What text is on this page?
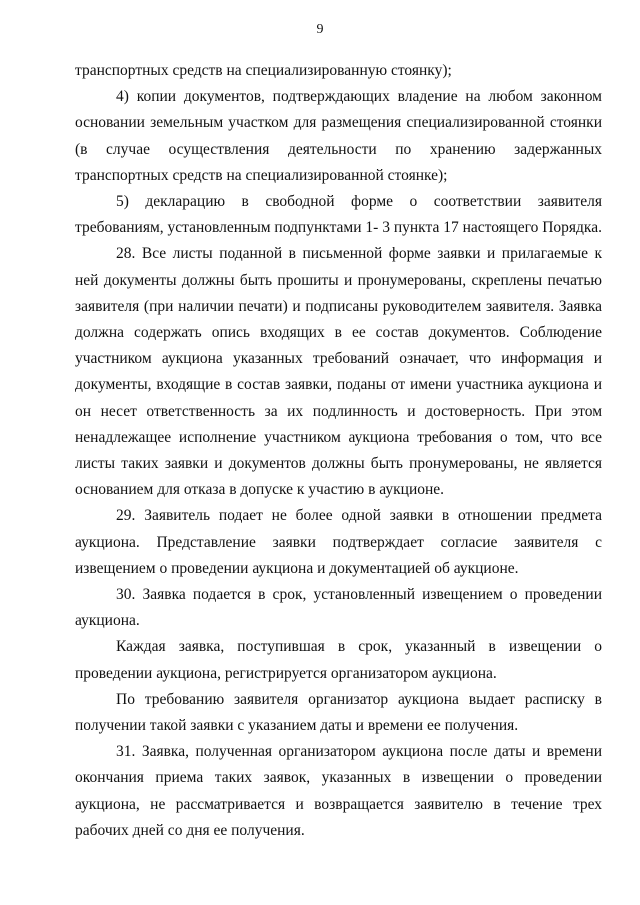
9

транспортных средств на специализированную стоянку);

4) копии документов, подтверждающих владение на любом законном основании земельным участком для размещения специализированной стоянки (в случае осуществления деятельности по хранению задержанных транспортных средств на специализированной стоянке);

5) декларацию в свободной форме о соответствии заявителя требованиям, установленным подпунктами 1- 3 пункта 17 настоящего Порядка.

28. Все листы поданной в письменной форме заявки и прилагаемые к ней документы должны быть прошиты и пронумерованы, скреплены печатью заявителя (при наличии печати) и подписаны руководителем заявителя. Заявка должна содержать опись входящих в ее состав документов. Соблюдение участником аукциона указанных требований означает, что информация и документы, входящие в состав заявки, поданы от имени участника аукциона и он несет ответственность за их подлинность и достоверность. При этом ненадлежащее исполнение участником аукциона требования о том, что все листы таких заявки и документов должны быть пронумерованы, не является основанием для отказа в допуске к участию в аукционе.

29. Заявитель подает не более одной заявки в отношении предмета аукциона. Представление заявки подтверждает согласие заявителя с извещением о проведении аукциона и документацией об аукционе.

30. Заявка подается в срок, установленный извещением о проведении аукциона.

Каждая заявка, поступившая в срок, указанный в извещении о проведении аукциона, регистрируется организатором аукциона.

По требованию заявителя организатор аукциона выдает расписку в получении такой заявки с указанием даты и времени ее получения.

31. Заявка, полученная организатором аукциона после даты и времени окончания приема таких заявок, указанных в извещении о проведении аукциона, не рассматривается и возвращается заявителю в течение трех рабочих дней со дня ее получения.
